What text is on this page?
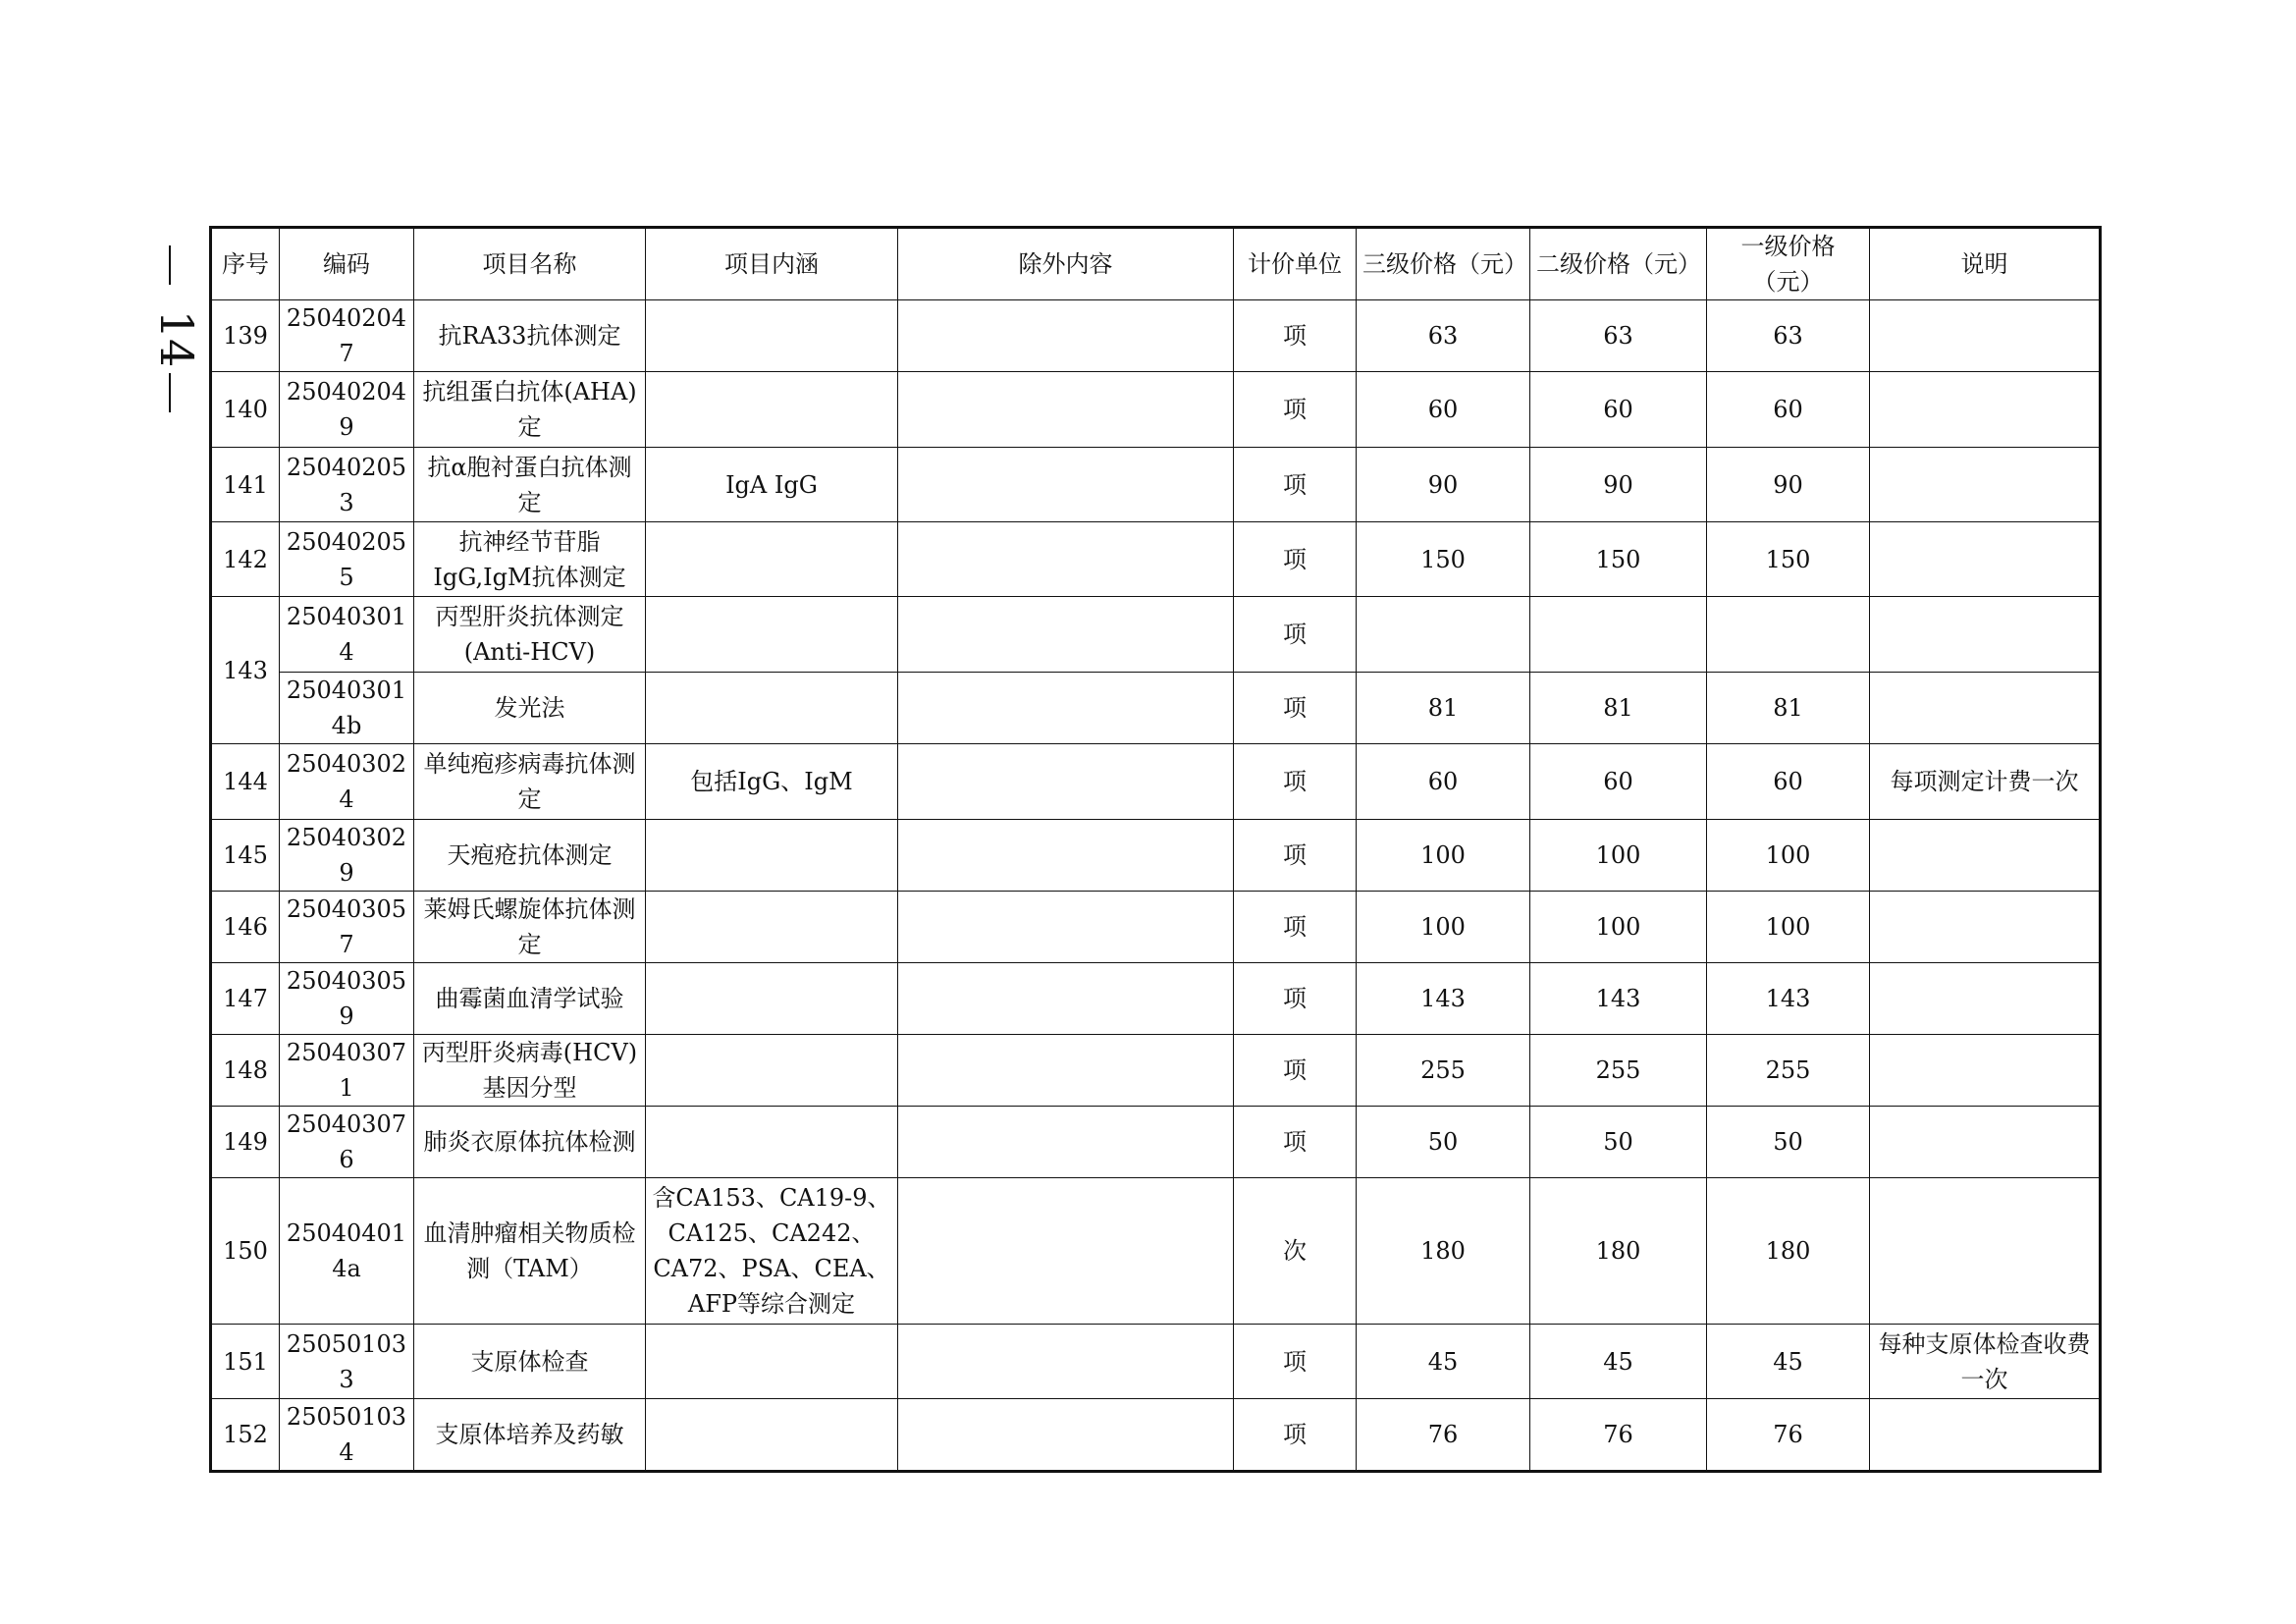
14
序号	编码	项目名称	项目内涵	除外内容	计价单位	三级价格（元）	二级价格（元）	一级价格（元）	说明
139	250402047	抗RA33抗体测定			项	63	63	63	
140	250402049	抗组蛋白抗体(AHA)定			项	60	60	60	
141	250402053	抗α胞衬蛋白抗体测定	IgA IgG		项	90	90	90	
142	250402055	抗神经节苷脂IgG,IgM抗体测定			项	150	150	150	
143	250403014	丙型肝炎抗体测定(Anti-HCV)			项				
	250403014b	发光法			项	81	81	81	
144	250403024	单纯疱疹病毒抗体测定	包括IgG、IgM		项	60	60	60	每项测定计费一次
145	250403029	天疱疮抗体测定			项	100	100	100	
146	250403057	莱姆氏螺旋体抗体测定			项	100	100	100	
147	250403059	曲霉菌血清学试验			项	143	143	143	
148	250403071	丙型肝炎病毒(HCV)基因分型			项	255	255	255	
149	250403076	肺炎衣原体抗体检测			项	50	50	50	
150	250404014a	血清肿瘤相关物质检测（TAM）	含CA153、CA19-9、CA125、CA242、CA72、PSA、CEA、AFP等综合测定		次	180	180	180	
151	250501033	支原体检查			项	45	45	45	每种支原体检查收费一次
152	250501034	支原体培养及药敏			项	76	76	76	
